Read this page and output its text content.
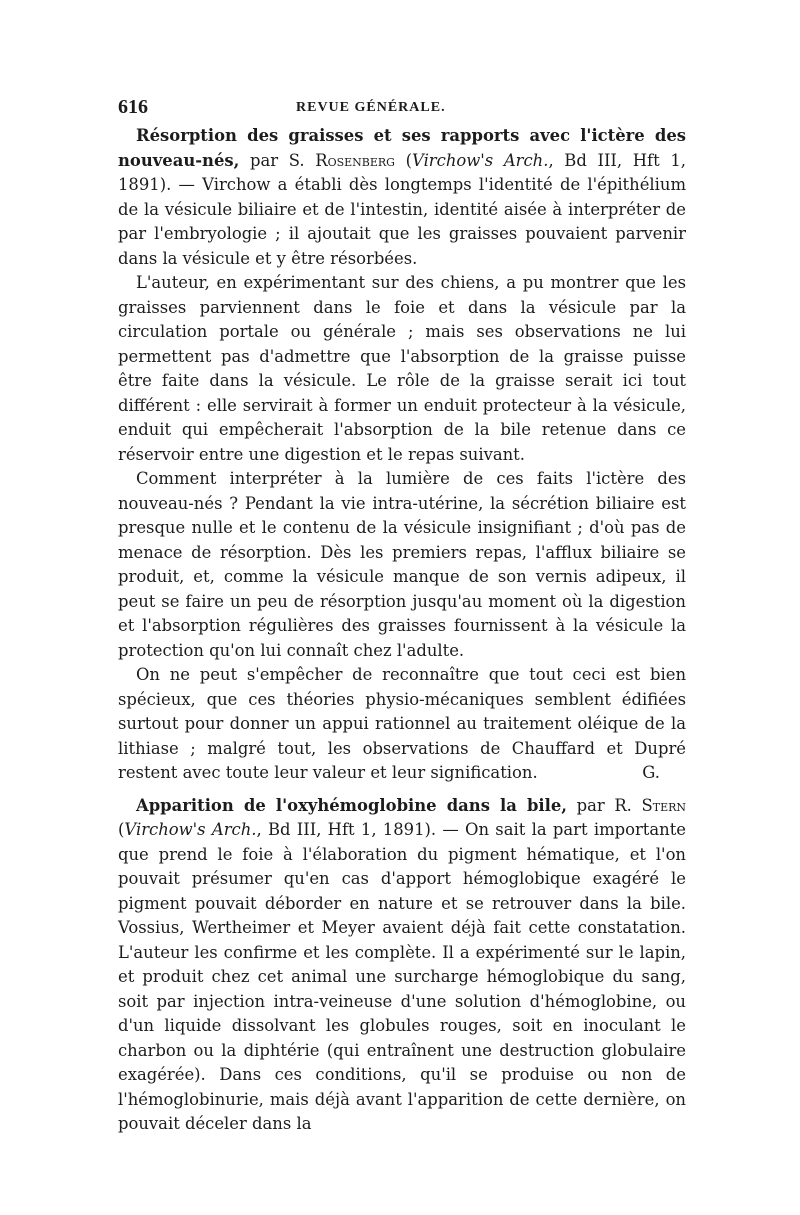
616	REVUE GÉNÉRALE.

Résorption des graisses et ses rapports avec l'ictère des nouveau-nés, par S. Rosenberg (Virchow's Arch., Bd III, Hft 1, 1891). — Virchow a établi dès longtemps l'identité de l'épithélium de la vésicule biliaire et de l'intestin, identité aisée à interpréter de par l'embryologie ; il ajoutait que les graisses pouvaient parvenir dans la vésicule et y être résorbées.

L'auteur, en expérimentant sur des chiens, a pu montrer que les graisses parviennent dans le foie et dans la vésicule par la circulation portale ou générale ; mais ses observations ne lui permettent pas d'admettre que l'absorption de la graisse puisse être faite dans la vésicule. Le rôle de la graisse serait ici tout différent : elle servirait à former un enduit protecteur à la vésicule, enduit qui empêcherait l'absorption de la bile retenue dans ce réservoir entre une digestion et le repas suivant.

Comment interpréter à la lumière de ces faits l'ictère des nouveau-nés ? Pendant la vie intra-utérine, la sécrétion biliaire est presque nulle et le contenu de la vésicule insignifiant ; d'où pas de menace de résorption. Dès les premiers repas, l'afflux biliaire se produit, et, comme la vésicule manque de son vernis adipeux, il peut se faire un peu de résorption jusqu'au moment où la digestion et l'absorption régulières des graisses fournissent à la vésicule la protection qu'on lui connaît chez l'adulte.

On ne peut s'empêcher de reconnaître que tout ceci est bien spécieux, que ces théories physio-mécaniques semblent édifiées surtout pour donner un appui rationnel au traitement oléique de la lithiase ; malgré tout, les observations de Chauffard et Dupré restent avec toute leur valeur et leur signification.	G.

Apparition de l'oxyhémoglobine dans la bile, par R. Stern (Virchow's Arch., Bd III, Hft 1, 1891). — On sait la part importante que prend le foie à l'élaboration du pigment hématique, et l'on pouvait présumer qu'en cas d'apport hémoglobique exagéré le pigment pouvait déborder en nature et se retrouver dans la bile. Vossius, Wertheimer et Meyer avaient déjà fait cette constatation. L'auteur les confirme et les complète. Il a expérimenté sur le lapin, et produit chez cet animal une surcharge hémoglobique du sang, soit par injection intra-veineuse d'une solution d'hémoglobine, ou d'un liquide dissolvant les globules rouges, soit en inoculant le charbon ou la diphtérie (qui entraînent une destruction globulaire exagérée). Dans ces conditions, qu'il se produise ou non de l'hémoglobinurie, mais déjà avant l'apparition de cette dernière, on pouvait déceler dans la
